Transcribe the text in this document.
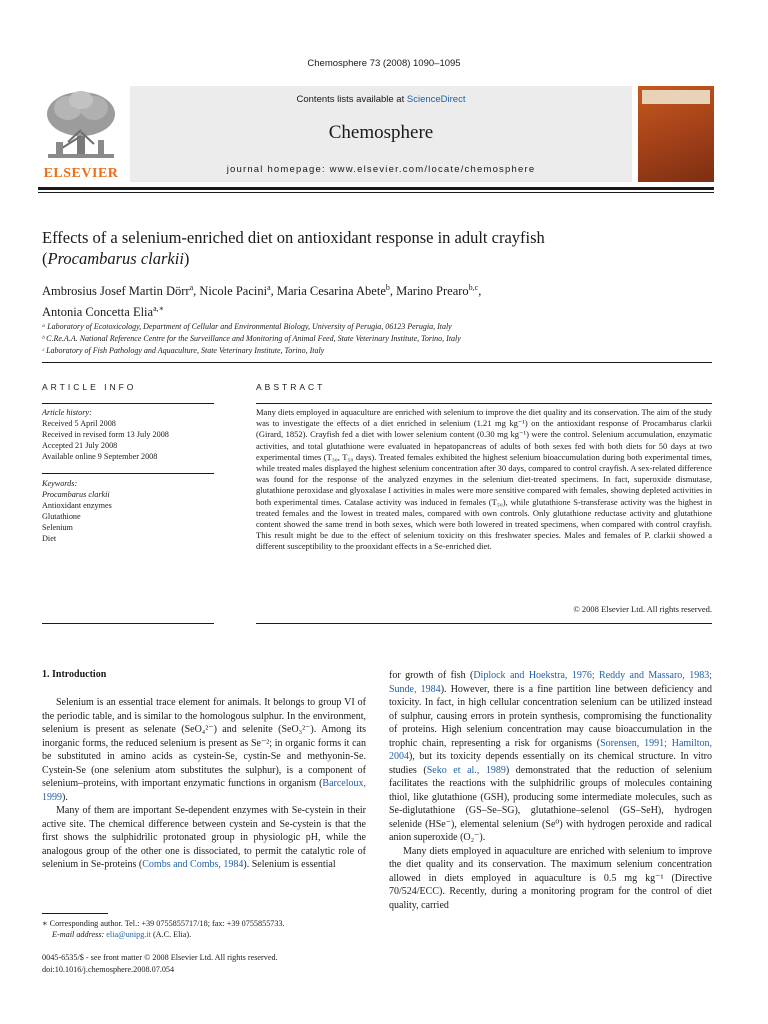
Chemosphere 73 (2008) 1090–1095
ELSEVIER
Contents lists available at ScienceDirect
Chemosphere
journal homepage: www.elsevier.com/locate/chemosphere
Effects of a selenium-enriched diet on antioxidant response in adult crayfish
(Procambarus clarkii)
Ambrosius Josef Martin Dörr$^a$, Nicole Pacini$^a$, Maria Cesarina Abete$^b$, Marino Prearo$^{b,c}$,
Antonia Concetta Elia$^{a,∗}$
ᵃ Laboratory of Ecotoxicology, Department of Cellular and Environmental Biology, University of Perugia, 06123 Perugia, Italy
ᵇ C.Re.A.A. National Reference Centre for the Surveillance and Monitoring of Animal Feed, State Veterinary Institute, Torino, Italy
ᶜ Laboratory of Fish Pathology and Aquaculture, State Veterinary Institute, Torino, Italy
ARTICLE INFO	ABSTRACT
Article history:
Received 5 April 2008
Received in revised form 13 July 2008
Accepted 21 July 2008
Available online 9 September 2008
Keywords:
Procambarus clarkii
Antioxidant enzymes
Glutathione
Selenium
Diet
Many diets employed in aquaculture are enriched with selenium to improve the diet quality and its conservation. The aim of the study was to investigate the effects of a diet enriched in selenium (1.21 mg kg⁻¹) on the antioxidant response of Procambarus clarkii (Girard, 1852). Crayfish fed a diet with lower selenium content (0.30 mg kg⁻¹) were the control. Selenium accumulation, enzymatic activities, and total glutathione were evaluated in hepatopancreas of adults of both sexes fed with both diets for 50 days at two experimental times (T₃₀, T₅₀ days). Treated females exhibited the highest selenium bioaccumulation during both experimental times, while treated males displayed the highest selenium concentration after 30 days, compared to control crayfish. A sex-related difference was found for the response of the analyzed enzymes in the selenium diet-treated specimens. In fact, superoxide dismutase, glutathione peroxidase and glyoxalase I activities in males were more sensitive compared with females, showing depleted activities in both experimental times. Catalase activity was induced in females (T₅₀), while glutathione S-transferase activity was the highest in treated females and the lowest in treated males, compared with own controls. Only glutathione reductase activity and glutathione content showed the same trend in both sexes, which were both lowered in treated specimens, when compared with control crayfish. This result might be due to the effect of selenium toxicity on this freshwater species. Males and females of P. clarkii showed a different susceptibility to the prooxidant effects in a Se-enriched diet.
© 2008 Elsevier Ltd. All rights reserved.
1. Introduction

Selenium is an essential trace element for animals. It belongs to group VI of the periodic table, and is similar to the homologous sulphur. In the environment, selenium is present as selenate (SeO₄²⁻) and selenite (SeO₃²⁻). Among its inorganic forms, the reduced selenium is present as Se⁻²; in organic forms it can be substituted in amino acids as cystein-Se, cystin-Se and methyonin-Se. Cystein-Se (one selenium atom substitutes the sulphur), is a component of selenium–proteins, with important enzymatic functions in organism (Barceloux, 1999).

Many of them are important Se-dependent enzymes with Se-cystein in their active site. The chemical difference between cystein and Se-cystein is that the first shows the sulphidrilic protonated group in physiologic pH, while the analogous group of the other one is dissociated, to permit the catalytic role of selenium in Se-proteins (Combs and Combs, 1984). Selenium is essential

for growth of fish (Diplock and Hoekstra, 1976; Reddy and Massaro, 1983; Sunde, 1984). However, there is a fine partition line between deficiency and toxicity. In fact, in high cellular concentration selenium can be utilized instead of sulphur, causing errors in protein synthesis, compromising the functionality of proteins. High selenium concentration may cause bioaccumulation in the trophic chain, representing a risk for organisms (Sorensen, 1991; Hamilton, 2004), but its toxicity depends essentially on its chemical structure. In vitro studies (Seko et al., 1989) demonstrated that the reduction of selenium facilitates the reactions with the sulphidrilic groups of molecules containing thiol, like glutathione (GSH), producing some intermediate molecules, such as Se-diglutathione (GS–Se–SG), glutathione–selenol (GS–SeH), hydrogen selenide (HSe⁻), elemental selenium (Se⁰) with hydrogen peroxide and radical anion superoxide (O₂⁻).

Many diets employed in aquaculture are enriched with selenium to improve the diet quality and its conservation. The maximum selenium concentration allowed in diets employed in aquaculture is 0.5 mg kg⁻¹ (Directive 70/524/ECC). Recently, during a monitoring program for the control of diet quality, carried

∗ Corresponding author. Tel.: +39 0755855717/18; fax: +39 0755855733.
E-mail address: elia@unipg.it (A.C. Elia).
0045-6535/$ - see front matter © 2008 Elsevier Ltd. All rights reserved.
doi:10.1016/j.chemosphere.2008.07.054
